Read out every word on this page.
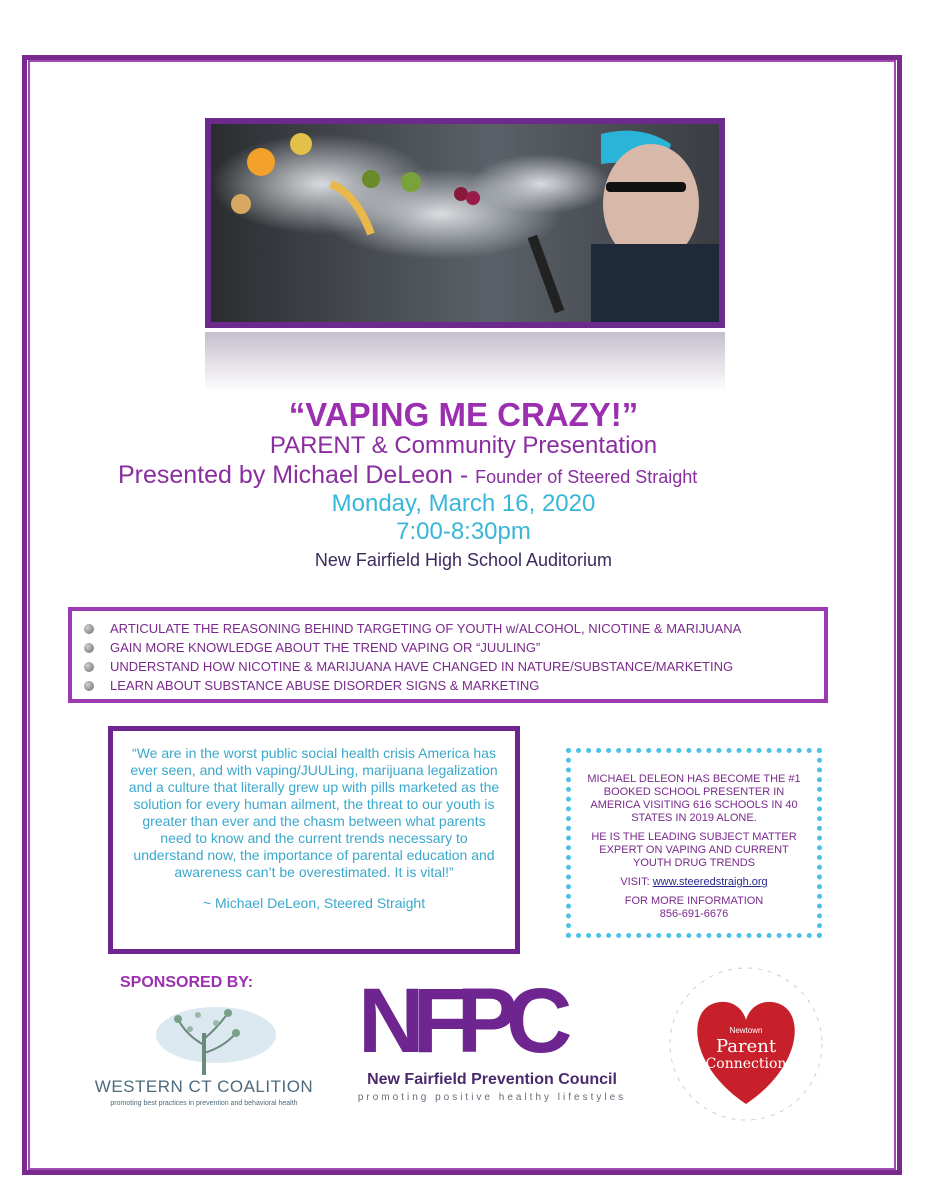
“VAPING ME CRAZY!”
PARENT & Community Presentation
Presented by Michael DeLeon - Founder of Steered Straight
Monday, March 16, 2020
7:00-8:30pm
New Fairfield High School Auditorium
ARTICULATE THE REASONING BEHIND TARGETING OF YOUTH w/ALCOHOL, NICOTINE & MARIJUANA
GAIN MORE KNOWLEDGE ABOUT THE TREND VAPING OR “JUULING”
UNDERSTAND HOW NICOTINE & MARIJUANA HAVE CHANGED IN NATURE/SUBSTANCE/MARKETING
LEARN ABOUT SUBSTANCE ABUSE DISORDER SIGNS & MARKETING
“We are in the worst public social health crisis America has ever seen, and with vaping/JUULing, marijuana legalization and a culture that literally grew up with pills marketed as the solution for every human ailment, the threat to our youth is greater than ever and the chasm between what parents need to know and the current trends necessary to understand now, the importance of parental education and awareness can’t be overestimated. It is vital!”
~ Michael DeLeon, Steered Straight

MICHAEL DELEON HAS BECOME THE #1 BOOKED SCHOOL PRESENTER IN AMERICA VISITING 616 SCHOOLS IN 40 STATES IN 2019 ALONE.

HE IS THE LEADING SUBJECT MATTER EXPERT ON VAPING AND CURRENT YOUTH DRUG TRENDS

VISIT: www.steeredstraigh.org

FOR MORE INFORMATION

856-691-6676

SPONSORED BY:
WESTERN CT COALITION
promoting best practices in prevention and behavioral health
NFPC
New Fairfield Prevention Council
promoting positive healthy lifestyles
Newtown
Parent
Connection
